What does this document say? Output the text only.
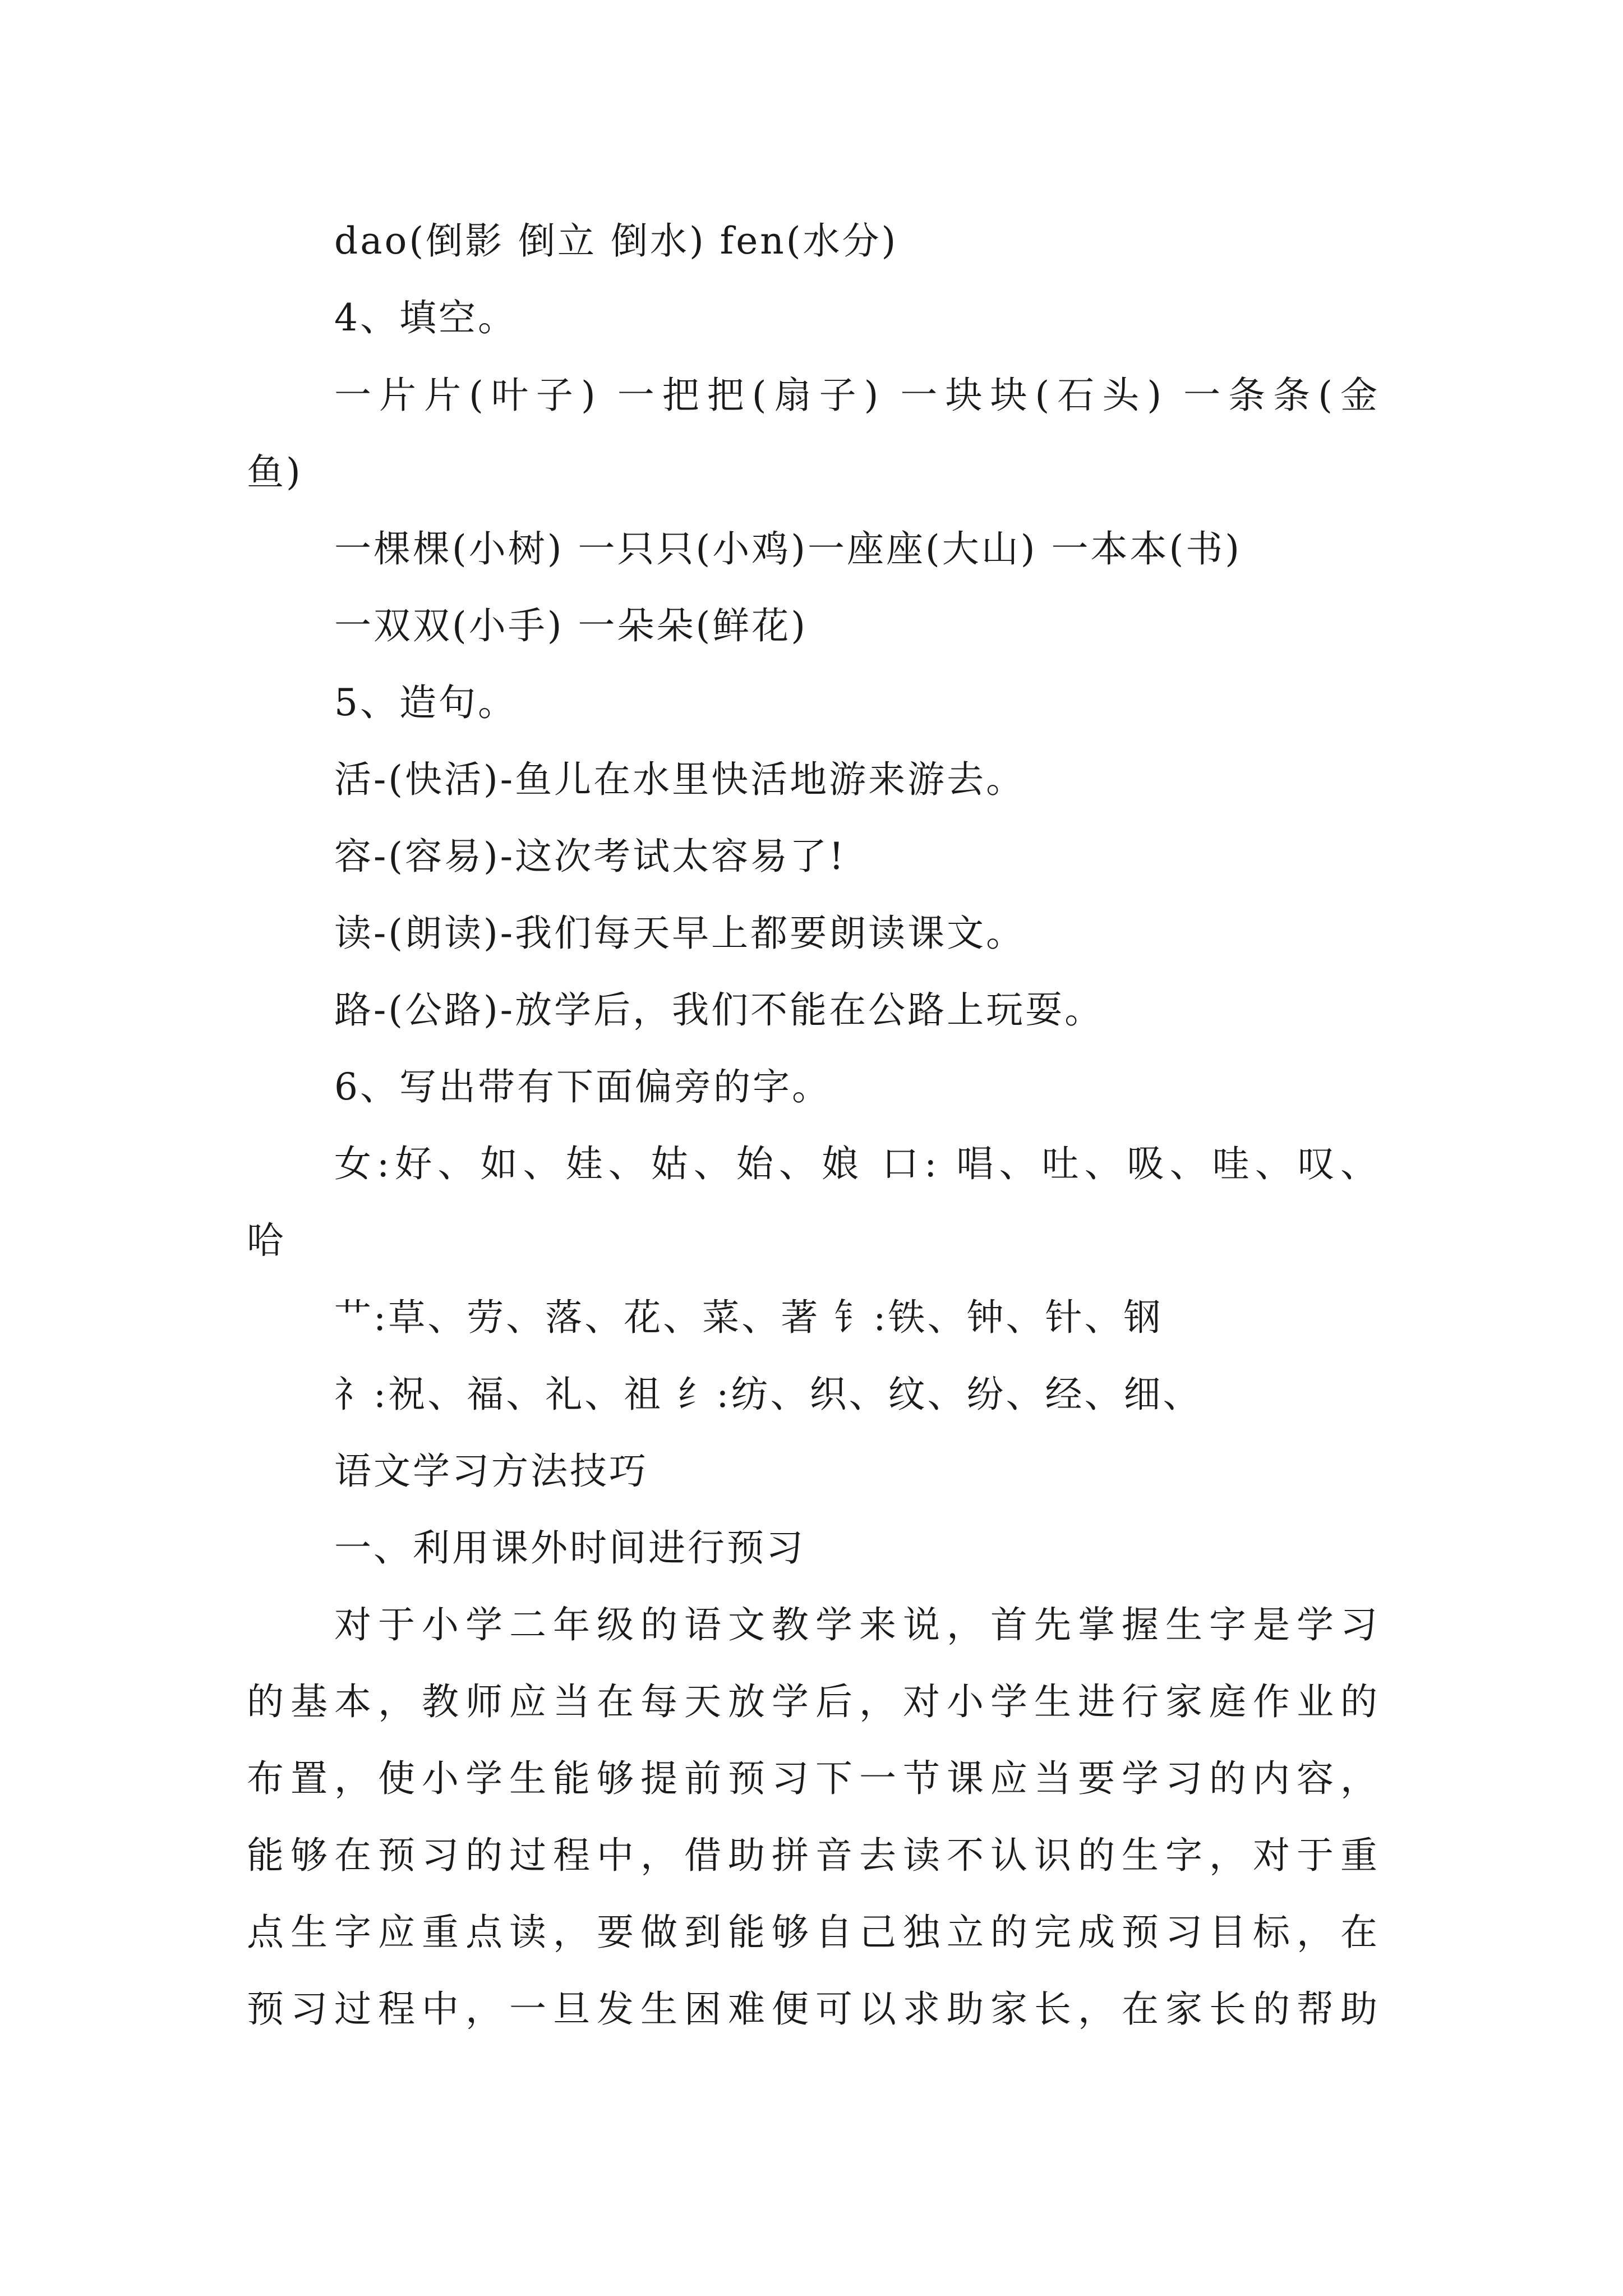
dao(倒影 倒立 倒水) fen(水分)
4、填空。
一片片(叶子) 一把把(扇子) 一块块(石头) 一条条(金
鱼)
一棵棵(小树) 一只只(小鸡)一座座(大山) 一本本(书)
一双双(小手) 一朵朵(鲜花)
5、造句。
活-(快活)-鱼儿在水里快活地游来游去。
容-(容易)-这次考试太容易了!
读-(朗读)-我们每天早上都要朗读课文。
路-(公路)-放学后，我们不能在公路上玩耍。
6、写出带有下面偏旁的字。
女:好、如、娃、姑、始、娘 口: 唱、吐、吸、哇、叹、
哈
艹:草、劳、落、花、菜、著 钅:铁、钟、针、钢
礻:祝、福、礼、祖 纟:纺、织、纹、纷、经、细、
语文学习方法技巧
一、利用课外时间进行预习
对于小学二年级的语文教学来说，首先掌握生字是学习
的基本，教师应当在每天放学后，对小学生进行家庭作业的
布置，使小学生能够提前预习下一节课应当要学习的内容，
能够在预习的过程中，借助拼音去读不认识的生字，对于重
点生字应重点读，要做到能够自己独立的完成预习目标，在
预习过程中，一旦发生困难便可以求助家长，在家长的帮助
